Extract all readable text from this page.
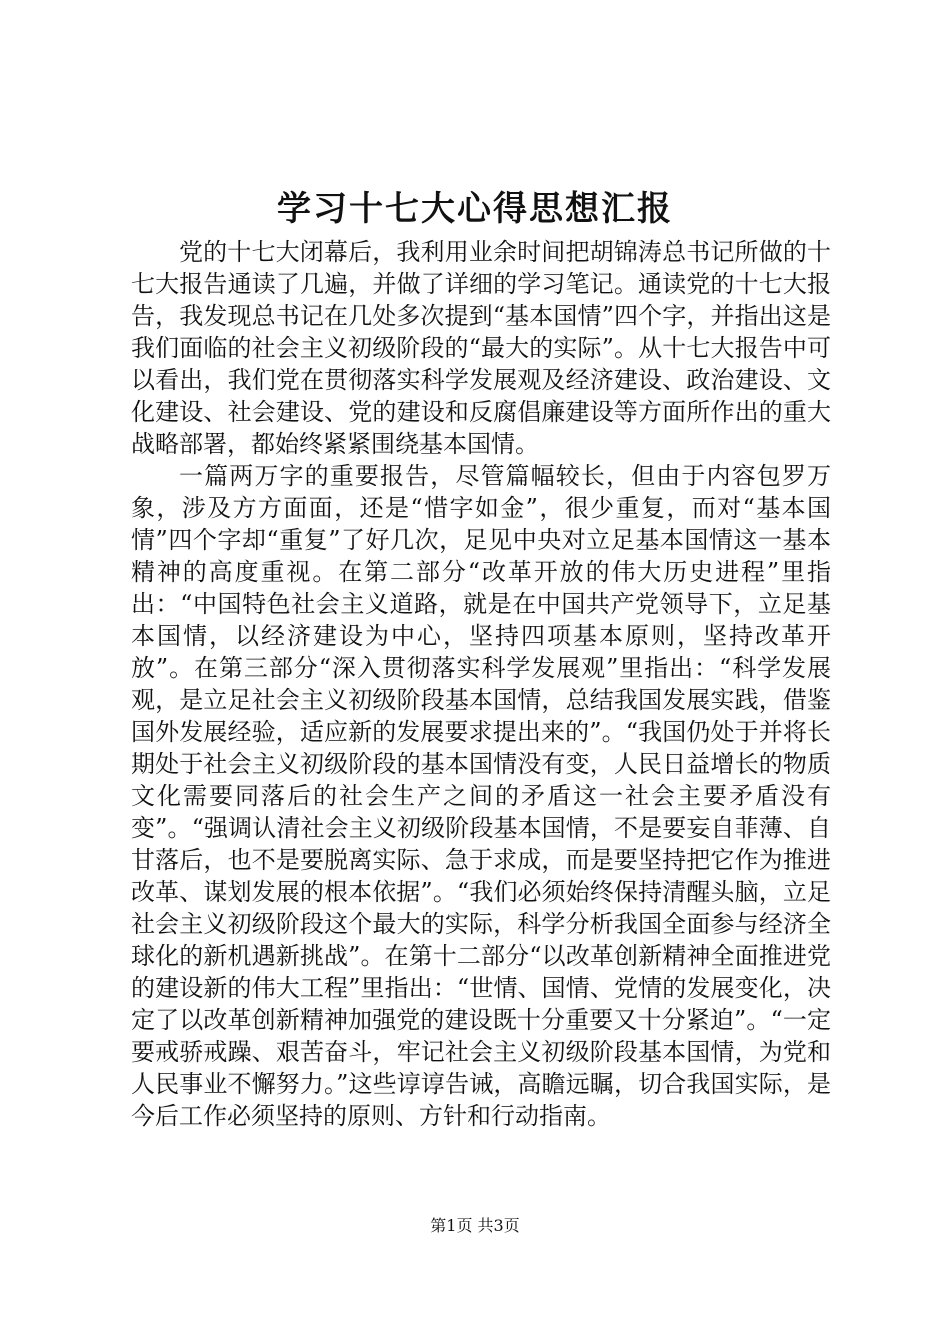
学习十七大心得思想汇报

党的十七大闭幕后，我利用业余时间把胡锦涛总书记所做的十七大报告通读了几遍，并做了详细的学习笔记。通读党的十七大报告，我发现总书记在几处多次提到“基本国情”四个字，并指出这是我们面临的社会主义初级阶段的“最大的实际”。从十七大报告中可以看出，我们党在贯彻落实科学发展观及经济建设、政治建设、文化建设、社会建设、党的建设和反腐倡廉建设等方面所作出的重大战略部署，都始终紧紧围绕基本国情。

一篇两万字的重要报告，尽管篇幅较长，但由于内容包罗万象，涉及方方面面，还是“惜字如金”，很少重复，而对“基本国情”四个字却“重复”了好几次，足见中央对立足基本国情这一基本精神的高度重视。在第二部分“改革开放的伟大历史进程”里指出：“中国特色社会主义道路，就是在中国共产党领导下，立足基本国情，以经济建设为中心，坚持四项基本原则，坚持改革开放”。在第三部分“深入贯彻落实科学发展观”里指出：“科学发展观，是立足社会主义初级阶段基本国情，总结我国发展实践，借鉴国外发展经验，适应新的发展要求提出来的”。“我国仍处于并将长期处于社会主义初级阶段的基本国情没有变，人民日益增长的物质文化需要同落后的社会生产之间的矛盾这一社会主要矛盾没有变”。“强调认清社会主义初级阶段基本国情，不是要妄自菲薄、自甘落后，也不是要脱离实际、急于求成，而是要坚持把它作为推进改革、谋划发展的根本依据”。“我们必须始终保持清醒头脑，立足社会主义初级阶段这个最大的实际，科学分析我国全面参与经济全球化的新机遇新挑战”。在第十二部分“以改革创新精神全面推进党的建设新的伟大工程”里指出：“世情、国情、党情的发展变化，决定了以改革创新精神加强党的建设既十分重要又十分紧迫”。“一定要戒骄戒躁、艰苦奋斗，牢记社会主义初级阶段基本国情，为党和人民事业不懈努力。”这些谆谆告诫，高瞻远瞩，切合我国实际，是今后工作必须坚持的原则、方针和行动指南。

第1页 共3页
